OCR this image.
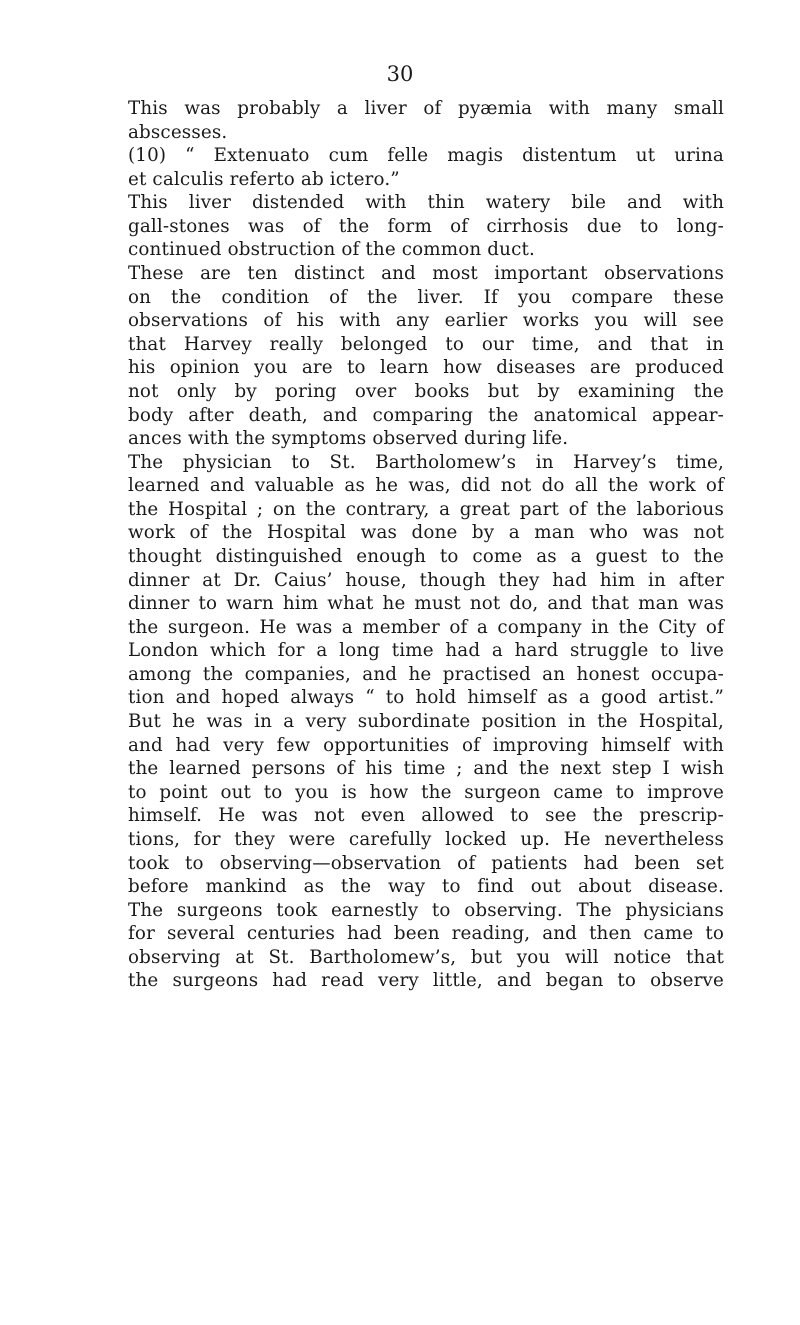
30
This was probably a liver of pyæmia with many small
abscesses.
(10) “ Extenuato cum felle magis distentum ut urina
et calculis referto ab ictero.”
This liver distended with thin watery bile and with
gall-stones was of the form of cirrhosis due to long-
continued obstruction of the common duct.
These are ten distinct and most important observations
on the condition of the liver. If you compare these
observations of his with any earlier works you will see
that Harvey really belonged to our time, and that in
his opinion you are to learn how diseases are produced
not only by poring over books but by examining the
body after death, and comparing the anatomical appear-
ances with the symptoms observed during life.
The physician to St. Bartholomew’s in Harvey’s time,
learned and valuable as he was, did not do all the work of
the Hospital ; on the contrary, a great part of the laborious
work of the Hospital was done by a man who was not
thought distinguished enough to come as a guest to the
dinner at Dr. Caius’ house, though they had him in after
dinner to warn him what he must not do, and that man was
the surgeon. He was a member of a company in the City of
London which for a long time had a hard struggle to live
among the companies, and he practised an honest occupa-
tion and hoped always “ to hold himself as a good artist.”
But he was in a very subordinate position in the Hospital,
and had very few opportunities of improving himself with
the learned persons of his time ; and the next step I wish
to point out to you is how the surgeon came to improve
himself. He was not even allowed to see the prescrip-
tions, for they were carefully locked up. He nevertheless
took to observing—observation of patients had been set
before mankind as the way to find out about disease.
The surgeons took earnestly to observing. The physicians
for several centuries had been reading, and then came to
observing at St. Bartholomew’s, but you will notice that
the surgeons had read very little, and began to observe
